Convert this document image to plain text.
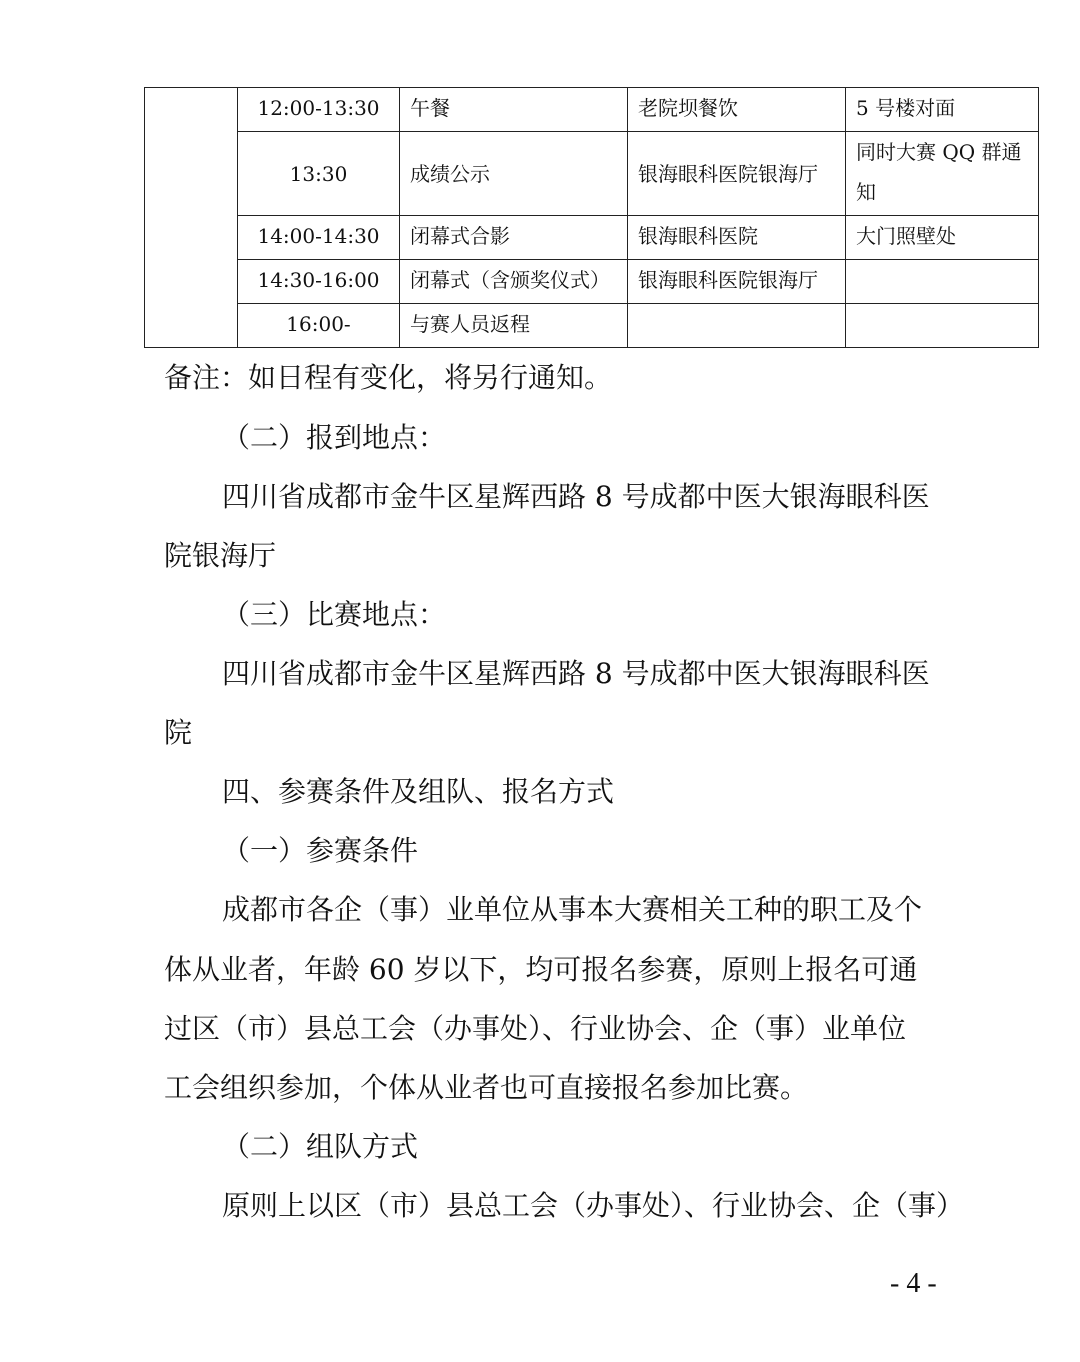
	12:00-13:30	午餐	老院坝餐饮	5 号楼对面
	13:30	成绩公示	银海眼科医院银海厅	同时大赛 QQ 群通知
	14:00-14:30	闭幕式合影	银海眼科医院	大门照壁处
	14:30-16:00	闭幕式（含颁奖仪式）	银海眼科医院银海厅	
	16:00-	与赛人员返程		

备注：如日程有变化，将另行通知。

（二）报到地点：

四川省成都市金牛区星辉西路 8 号成都中医大银海眼科医

院银海厅

（三）比赛地点：

四川省成都市金牛区星辉西路 8 号成都中医大银海眼科医

院

四、参赛条件及组队、报名方式

（一）参赛条件

成都市各企（事）业单位从事本大赛相关工种的职工及个

体从业者，年龄 60 岁以下，均可报名参赛，原则上报名可通

过区（市）县总工会（办事处）、行业协会、企（事）业单位

工会组织参加，个体从业者也可直接报名参加比赛。

（二）组队方式

原则上以区（市）县总工会（办事处）、行业协会、企（事）

- 4 -
